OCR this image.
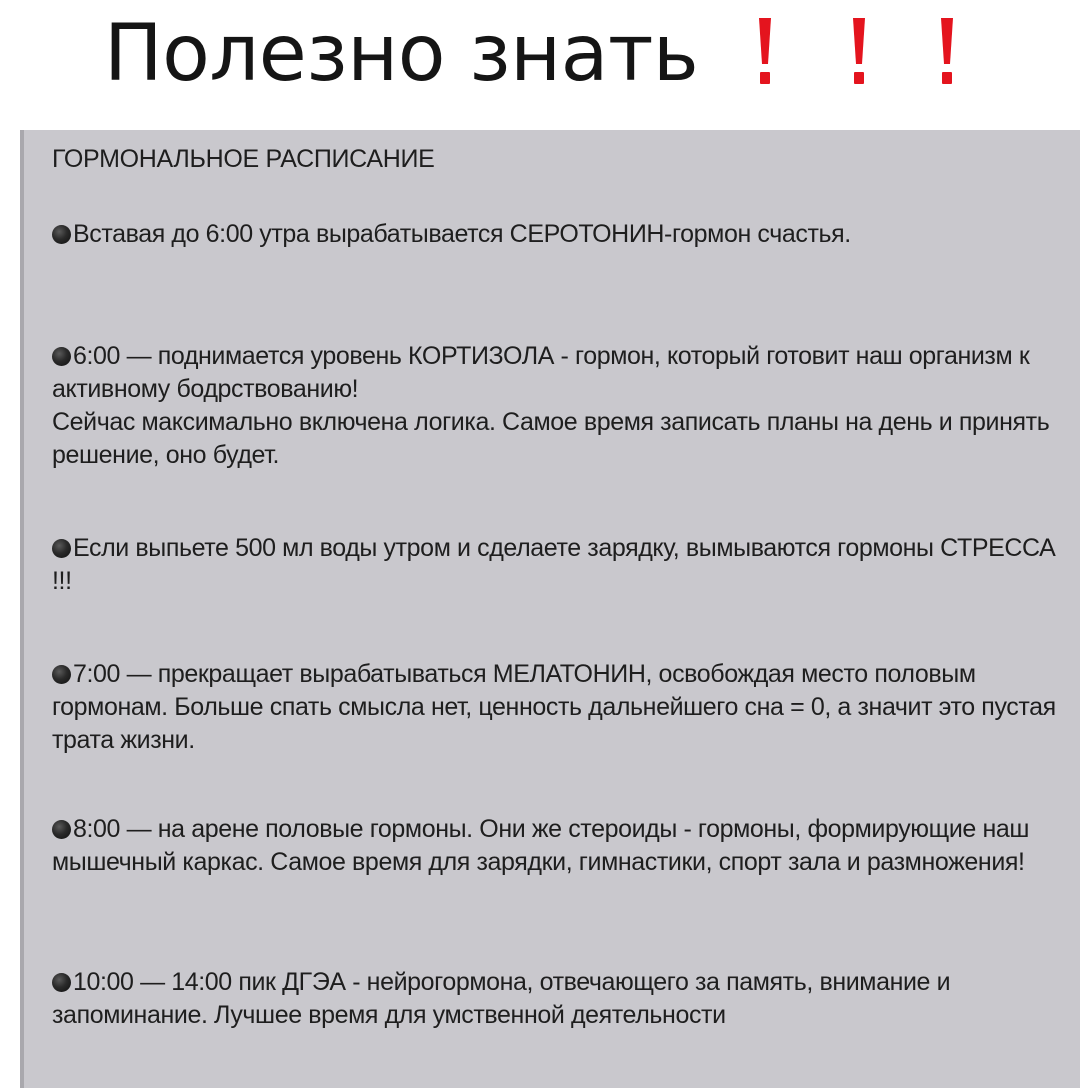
Полезно знать
ГОРМОНАЛЬНОЕ РАСПИСАНИЕ

Вставая до 6:00 утра вырабатывается СЕРОТОНИН-гормон счастья.

6:00 — поднимается уровень КОРТИЗОЛА - гормон, который готовит наш организм к активному бодрствованию!
Сейчас максимально включена логика. Самое время записать планы на день и принять решение, оно будет.

Если выпьете 500 мл воды утром и сделаете зарядку, вымываются гормоны СТРЕССА !!!

7:00 — прекращает вырабатываться МЕЛАТОНИН, освобождая место половым гормонам. Больше спать смысла нет, ценность дальнейшего сна = 0, а значит это пустая трата жизни.

8:00 — на арене половые гормоны. Они же стероиды - гормоны, формирующие наш мышечный каркас. Самое время для зарядки, гимнастики, спорт зала и размножения!

10:00 — 14:00 пик ДГЭА - нейрогормона, отвечающего за память, внимание и запоминание. Лучшее время для умственной деятельности
